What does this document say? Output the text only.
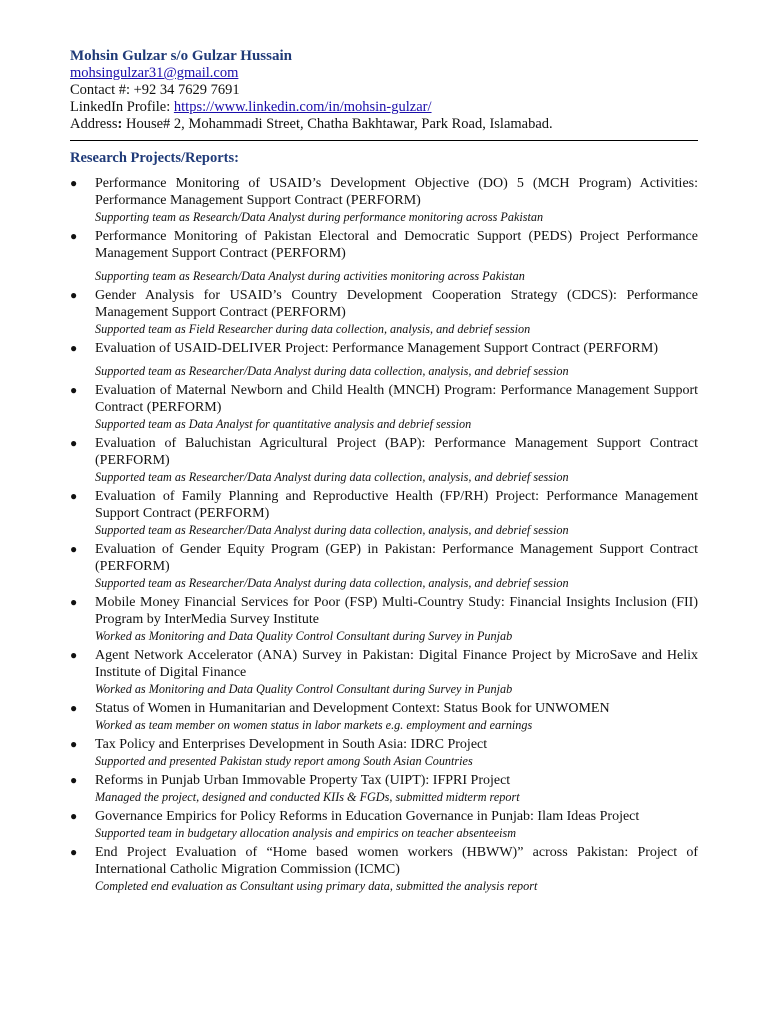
Mohsin Gulzar s/o Gulzar Hussain
mohsingulzar31@gmail.com
Contact #: +92 34 7629 7691
LinkedIn Profile: https://www.linkedin.com/in/mohsin-gulzar/
Address: House# 2, Mohammadi Street, Chatha Bakhtawar, Park Road, Islamabad.
Research Projects/Reports:
● Performance Monitoring of USAID’s Development Objective (DO) 5 (MCH Program) Activities: Performance Management Support Contract (PERFORM)
Supporting team as Research/Data Analyst during performance monitoring across Pakistan
● Performance Monitoring of Pakistan Electoral and Democratic Support (PEDS) Project Performance Management Support Contract (PERFORM)
Supporting team as Research/Data Analyst during activities monitoring across Pakistan
● Gender Analysis for USAID’s Country Development Cooperation Strategy (CDCS): Performance Management Support Contract (PERFORM)
Supported team as Field Researcher during data collection, analysis, and debrief session
● Evaluation of USAID-DELIVER Project: Performance Management Support Contract (PERFORM)
Supported team as Researcher/Data Analyst during data collection, analysis, and debrief session
● Evaluation of Maternal Newborn and Child Health (MNCH) Program: Performance Management Support Contract (PERFORM)
Supported team as Data Analyst for quantitative analysis and debrief session
● Evaluation of Baluchistan Agricultural Project (BAP): Performance Management Support Contract (PERFORM)
Supported team as Researcher/Data Analyst during data collection, analysis, and debrief session
● Evaluation of Family Planning and Reproductive Health (FP/RH) Project: Performance Management Support Contract (PERFORM)
Supported team as Researcher/Data Analyst during data collection, analysis, and debrief session
● Evaluation of Gender Equity Program (GEP) in Pakistan: Performance Management Support Contract (PERFORM)
Supported team as Researcher/Data Analyst during data collection, analysis, and debrief session
● Mobile Money Financial Services for Poor (FSP) Multi-Country Study: Financial Insights Inclusion (FII) Program by InterMedia Survey Institute
Worked as Monitoring and Data Quality Control Consultant during Survey in Punjab
● Agent Network Accelerator (ANA) Survey in Pakistan: Digital Finance Project by MicroSave and Helix Institute of Digital Finance
Worked as Monitoring and Data Quality Control Consultant during Survey in Punjab
● Status of Women in Humanitarian and Development Context: Status Book for UNWOMEN
Worked as team member on women status in labor markets e.g. employment and earnings
● Tax Policy and Enterprises Development in South Asia: IDRC Project
Supported and presented Pakistan study report among South Asian Countries
● Reforms in Punjab Urban Immovable Property Tax (UIPT): IFPRI Project
Managed the project, designed and conducted KIIs & FGDs, submitted midterm report
● Governance Empirics for Policy Reforms in Education Governance in Punjab: Ilam Ideas Project
Supported team in budgetary allocation analysis and empirics on teacher absenteeism
● End Project Evaluation of “Home based women workers (HBWW)” across Pakistan: Project of International Catholic Migration Commission (ICMC)
Completed end evaluation as Consultant using primary data, submitted the analysis report
